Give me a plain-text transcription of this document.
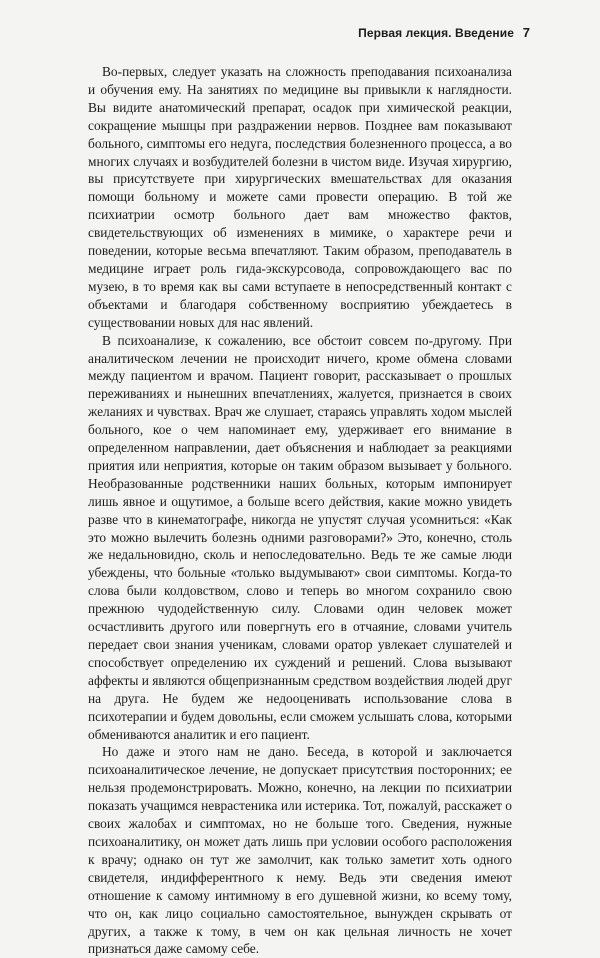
Первая лекция. Введение 7

Во-первых, следует указать на сложность преподавания психоанализа и обучения ему. На занятиях по медицине вы привыкли к наглядности. Вы видите анатомический препарат, осадок при химической реакции, сокращение мышцы при раздражении нервов. Позднее вам показывают больного, симптомы его недуга, последствия болезненного процесса, а во многих случаях и возбудителей болезни в чистом виде. Изучая хирургию, вы присутствуете при хирургических вмешательствах для оказания помощи больному и можете сами провести операцию. В той же психиатрии осмотр больного дает вам множество фактов, свидетельствующих об изменениях в мимике, о характере речи и поведении, которые весьма впечатляют. Таким образом, преподаватель в медицине играет роль гида-экскурсовода, сопровождающего вас по музею, в то время как вы сами вступаете в непосредственный контакт с объектами и благодаря собственному восприятию убеждаетесь в существовании новых для нас явлений.

В психоанализе, к сожалению, все обстоит совсем по-другому. При аналитическом лечении не происходит ничего, кроме обмена словами между пациентом и врачом. Пациент говорит, рассказывает о прошлых переживаниях и нынешних впечатлениях, жалуется, признается в своих желаниях и чувствах. Врач же слушает, стараясь управлять ходом мыслей больного, кое о чем напоминает ему, удерживает его внимание в определенном направлении, дает объяснения и наблюдает за реакциями приятия или неприятия, которые он таким образом вызывает у больного. Необразованные родственники наших больных, которым импонирует лишь явное и ощутимое, а больше всего действия, какие можно увидеть разве что в кинематографе, никогда не упустят случая усомниться: «Как это можно вылечить болезнь одними разговорами?» Это, конечно, столь же недальновидно, сколь и непоследовательно. Ведь те же самые люди убеждены, что больные «только выдумывают» свои симптомы. Когда-то слова были колдовством, слово и теперь во многом сохранило свою прежнюю чудодейственную силу. Словами один человек может осчастливить другого или повергнуть его в отчаяние, словами учитель передает свои знания ученикам, словами оратор увлекает слушателей и способствует определению их суждений и решений. Слова вызывают аффекты и являются общепризнанным средством воздействия людей друг на друга. Не будем же недооценивать использование слова в психотерапии и будем довольны, если сможем услышать слова, которыми обмениваются аналитик и его пациент.

Но даже и этого нам не дано. Беседа, в которой и заключается психоаналитическое лечение, не допускает присутствия посторонних; ее нельзя продемонстрировать. Можно, конечно, на лекции по психиатрии показать учащимся неврастеника или истерика. Тот, пожалуй, расскажет о своих жалобах и симптомах, но не больше того. Сведения, нужные психоаналитику, он может дать лишь при условии особого расположения к врачу; однако он тут же замолчит, как только заметит хоть одного свидетеля, индифферентного к нему. Ведь эти сведения имеют отношение к самому интимному в его душевной жизни, ко всему тому, что он, как лицо социально самостоятельное, вынужден скрывать от других, а также к тому, в чем он как цельная личность не хочет признаться даже самому себе.
